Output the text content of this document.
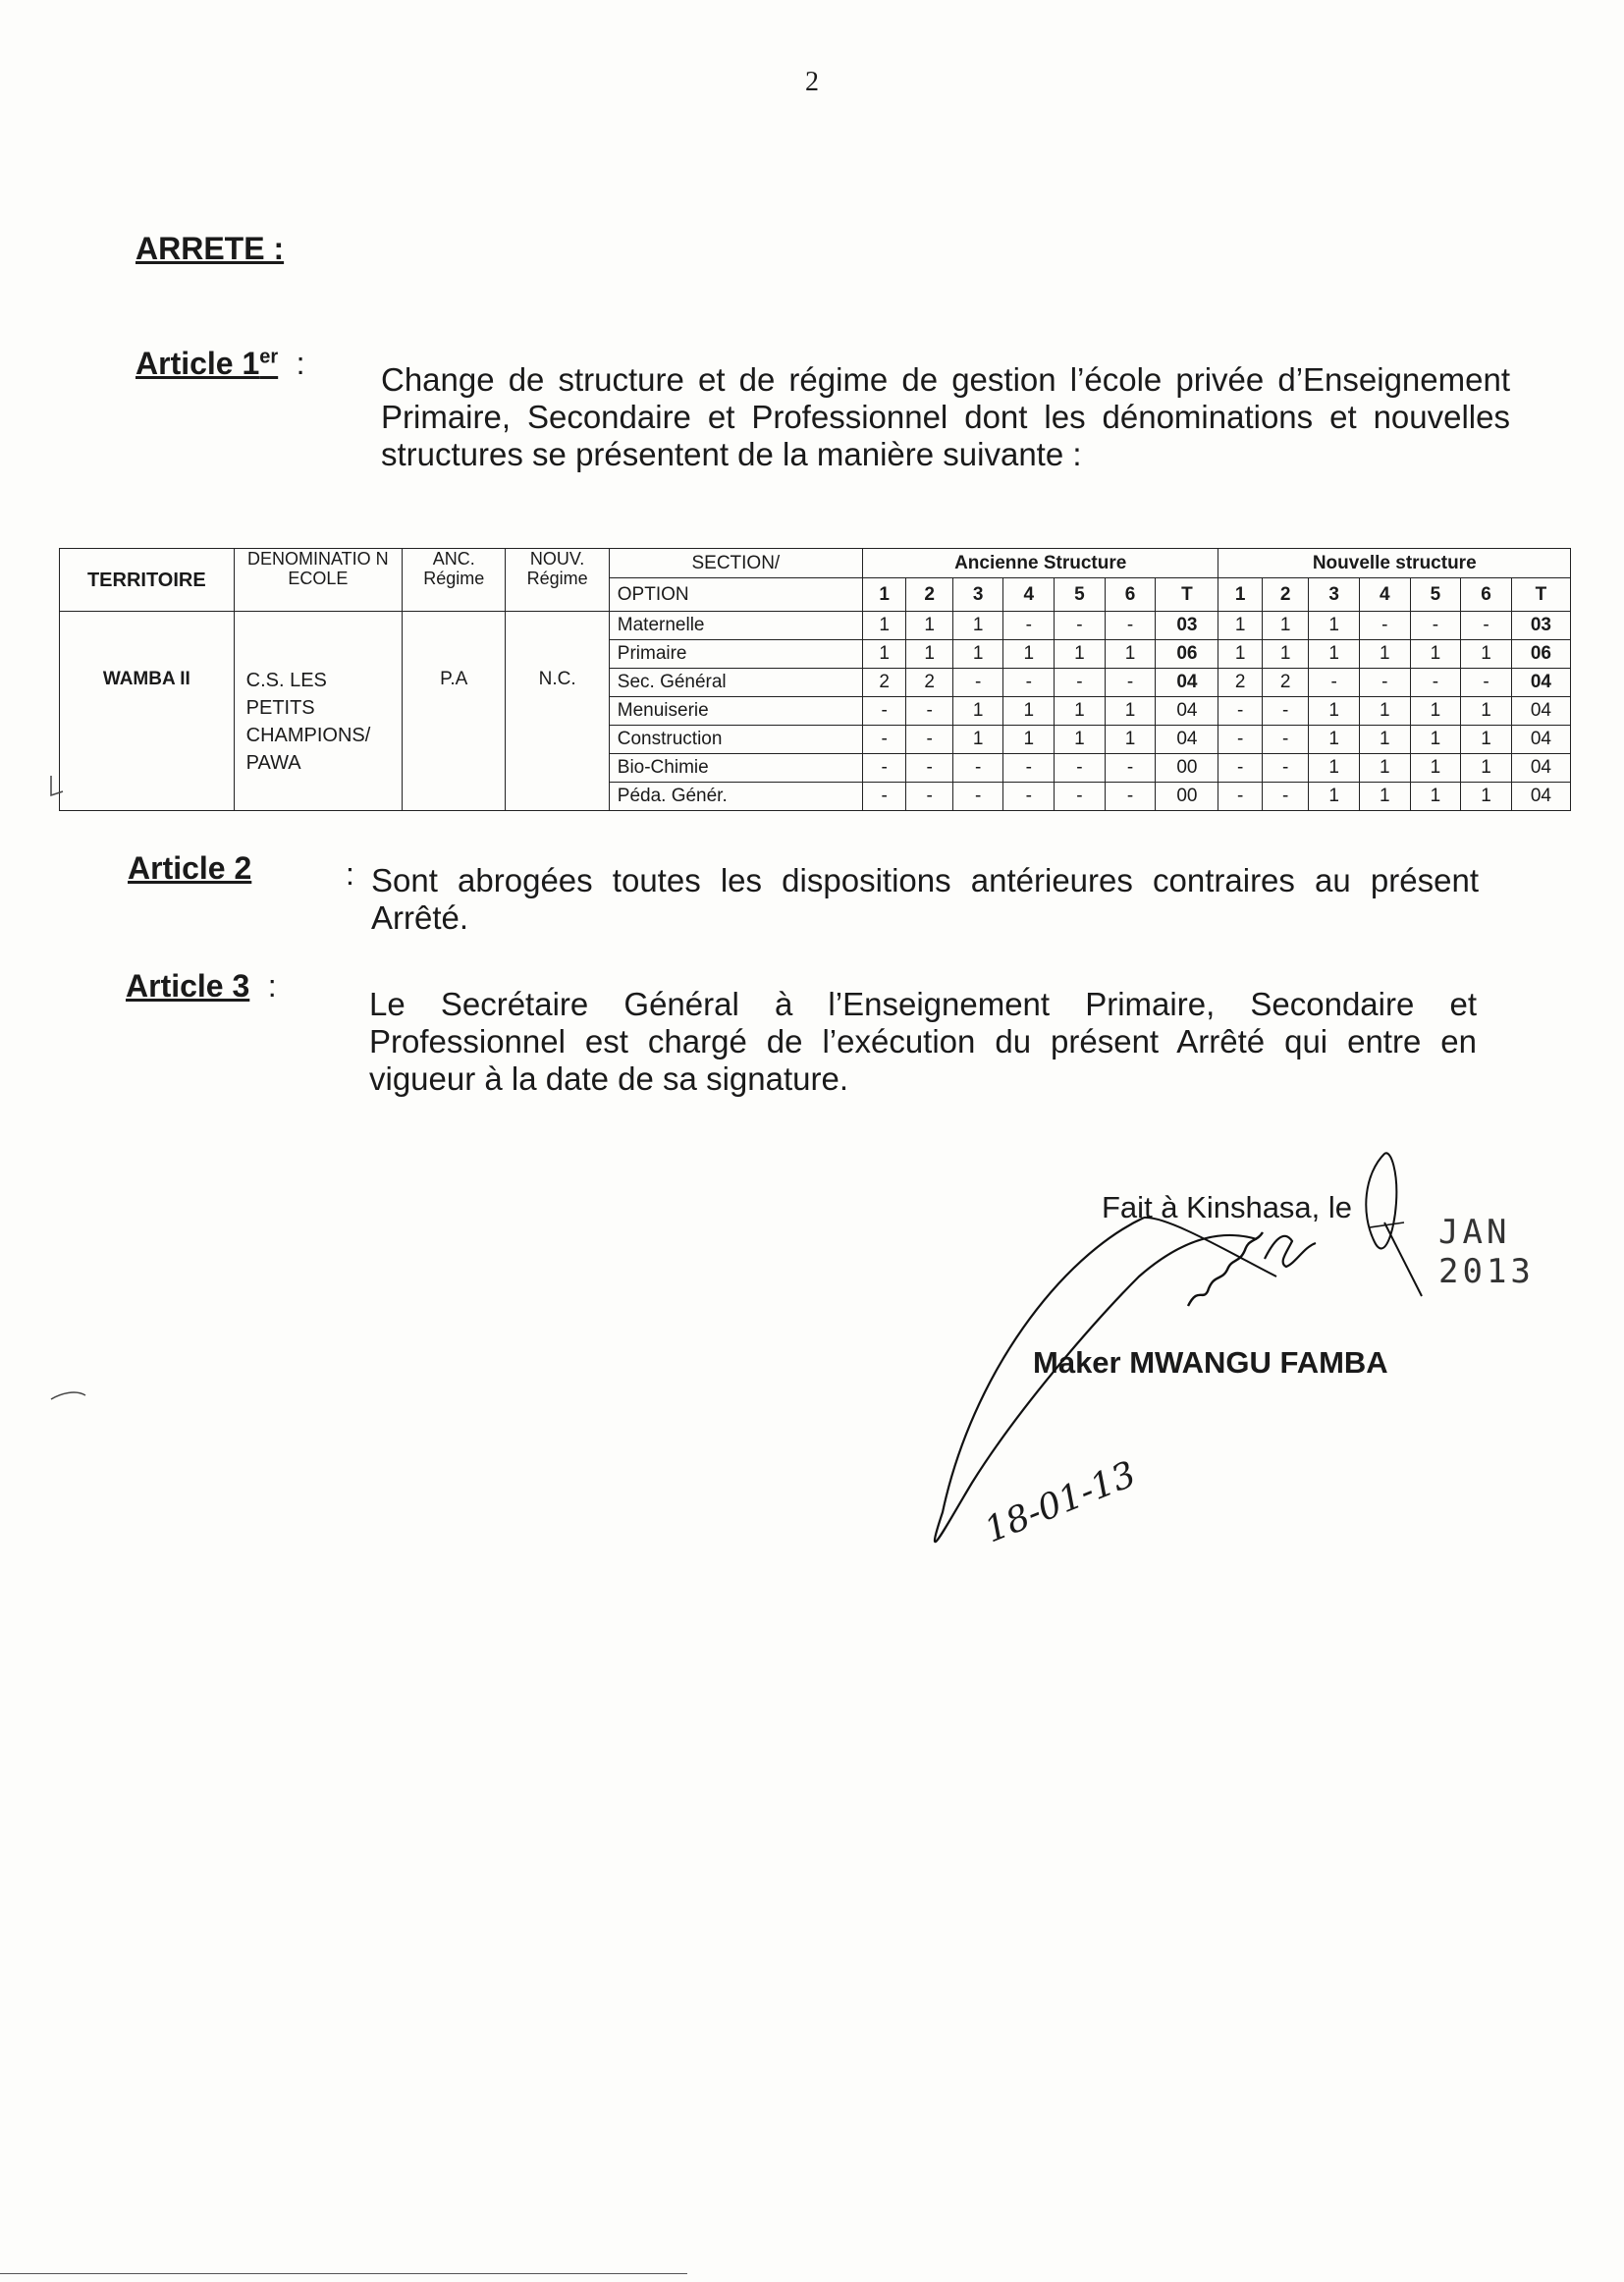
2
ARRETE :
Article 1er : Change de structure et de régime de gestion l’école privée d’Enseignement Primaire, Secondaire et Professionnel dont les dénominations et nouvelles structures se présentent de la manière suivante :
TERRITOIRE	DENOMINATIO N ECOLE	ANC. Régime	NOUV. Régime	SECTION/	Ancienne Structure							Nouvelle structure						
				OPTION	1	2	3	4	5	6	T	1	2	3	4	5	6	T
WAMBA II	C.S. LES
PETITS
CHAMPIONS/
PAWA	P.A	N.C.	Maternelle	1	1	1	-	-	-	03	1	1	1	-	-	-	03
				Primaire	1	1	1	1	1	1	06	1	1	1	1	1	1	06
				Sec. Général	2	2	-	-	-	-	04	2	2	-	-	-	-	04
				Menuiserie	-	-	1	1	1	1	04	-	-	1	1	1	1	04
				Construction	-	-	1	1	1	1	04	-	-	1	1	1	1	04
				Bio-Chimie	-	-	-	-	-	-	00	-	-	1	1	1	1	04
				Péda. Génér.	-	-	-	-	-	-	00	-	-	1	1	1	1	04
Article 2	: Sont abrogées toutes les dispositions antérieures contraires au présent Arrêté.
Article 3 :	Le Secrétaire Général à l’Enseignement Primaire, Secondaire et Professionnel est chargé de l’exécution du présent Arrêté qui entre en vigueur à la date de sa signature.
Fait à Kinshasa, le
JAN 2013
Maker MWANGU FAMBA
18-01-13
